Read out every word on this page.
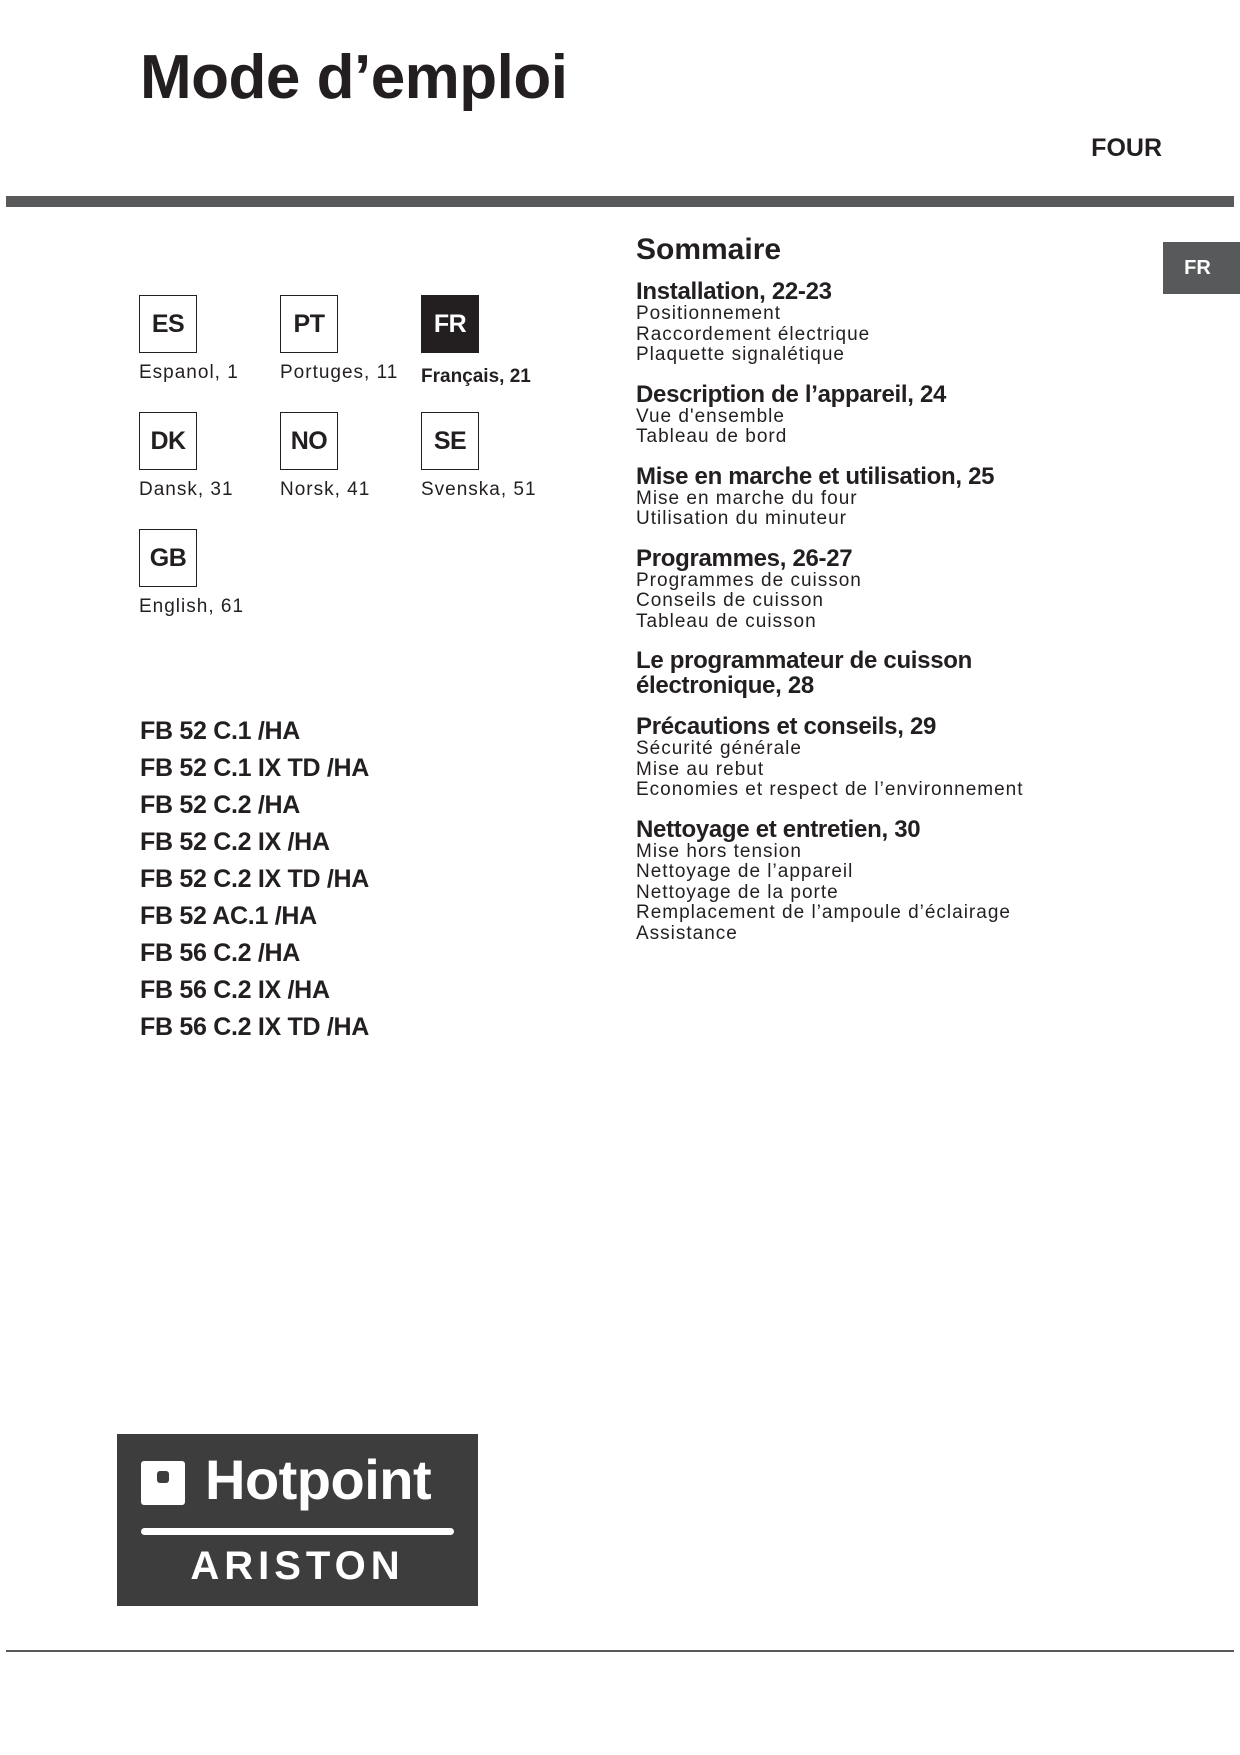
Mode d’emploi
FOUR
FR
ES
Espanol, 1
PT
Portuges, 11
FR
Français, 21
DK
Dansk, 31
NO
Norsk, 41
SE
Svenska, 51
GB
English, 61
FB 52 C.1 /HA
FB 52 C.1 IX TD /HA
FB 52 C.2 /HA
FB 52 C.2 IX /HA
FB 52 C.2 IX TD /HA
FB 52 AC.1 /HA
FB 56 C.2 /HA
FB 56 C.2 IX /HA
FB 56 C.2 IX TD /HA
Sommaire
Installation, 22-23
Positionnement
Raccordement électrique
Plaquette signalétique
Description de l’appareil, 24
Vue d'ensemble
Tableau de bord
Mise en marche et utilisation, 25
Mise en marche du four
Utilisation du minuteur
Programmes, 26-27
Programmes de cuisson
Conseils de cuisson
Tableau de cuisson
Le programmateur de cuisson électronique, 28
Précautions et conseils, 29
Sécurité générale
Mise au rebut
Economies et respect de l’environnement
Nettoyage et entretien, 30
Mise hors tension
Nettoyage de l’appareil
Nettoyage de la porte
Remplacement de l’ampoule d’éclairage
Assistance
Hotpoint
ARISTON
